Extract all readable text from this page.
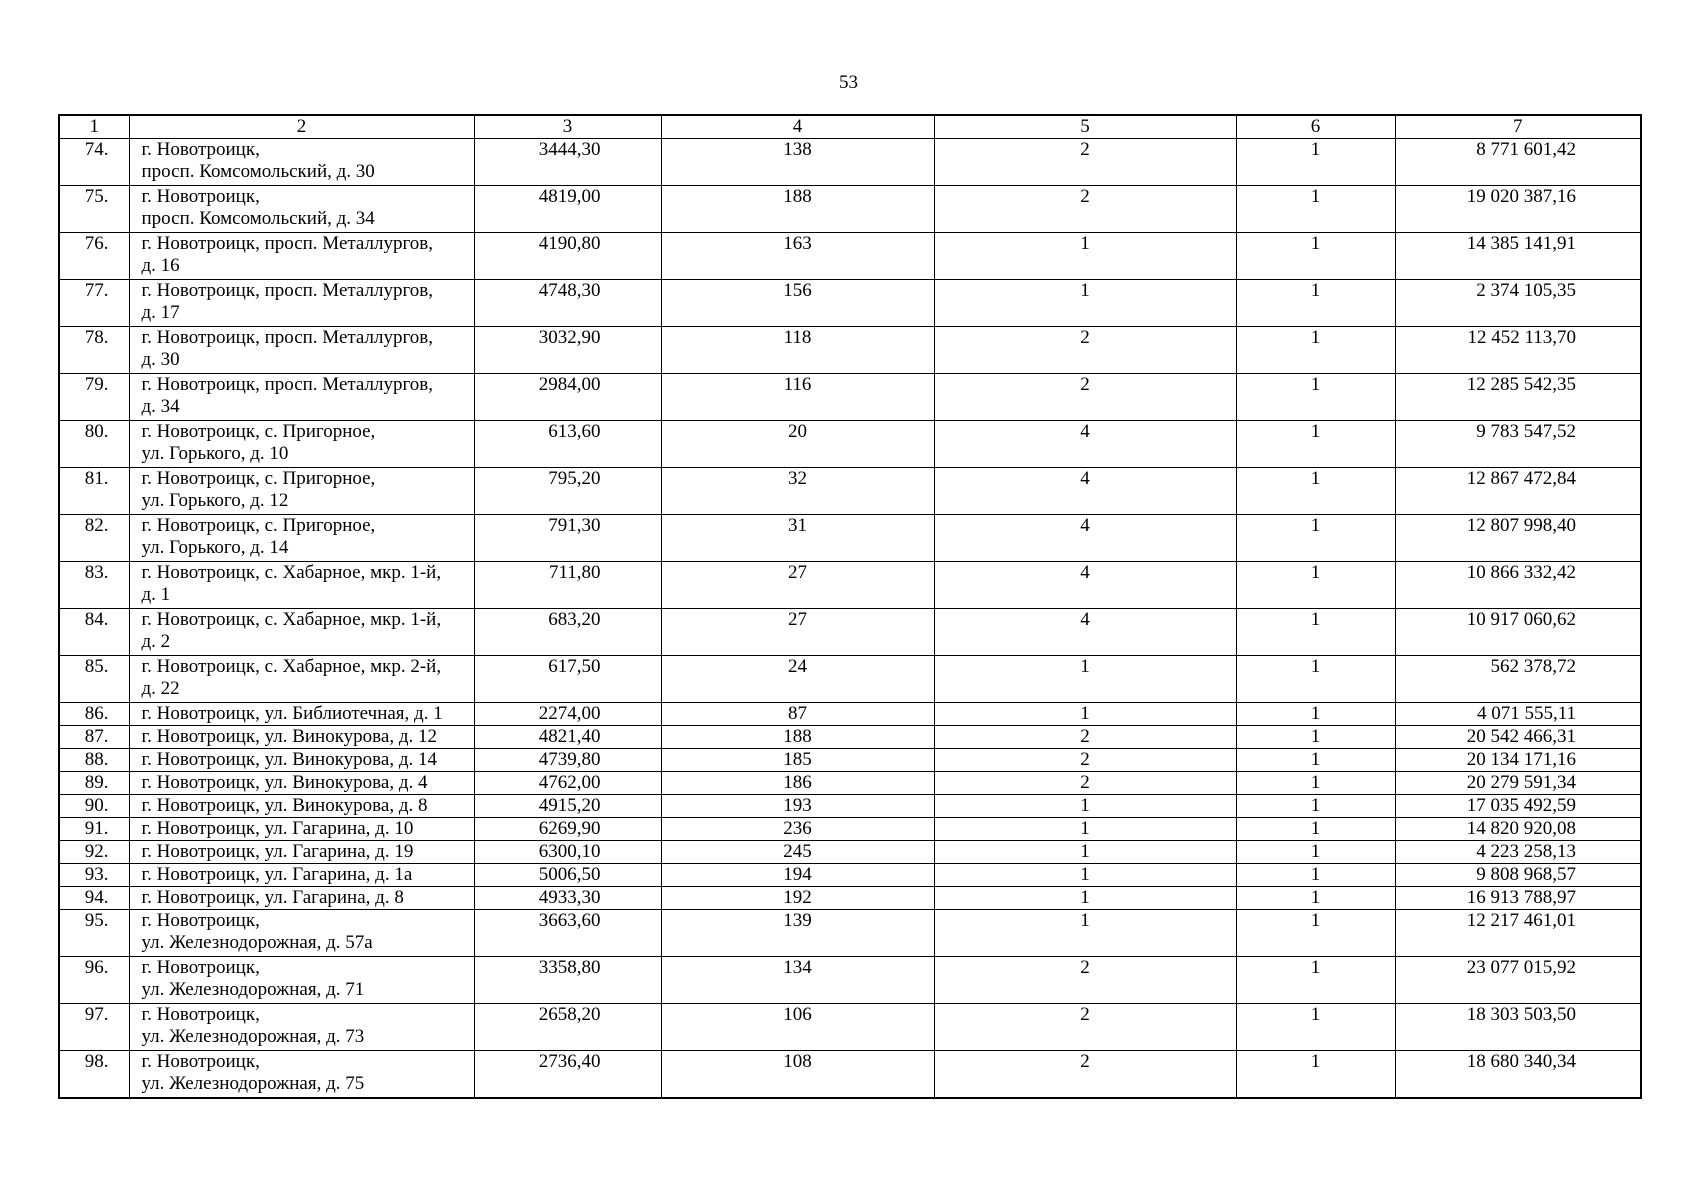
53
1	2	3	4	5	6	7
74.	г. Новотроицк,
просп. Комсомольский, д. 30	3444,30	138	2	1	8 771 601,42
75.	г. Новотроицк,
просп. Комсомольский, д. 34	4819,00	188	2	1	19 020 387,16
76.	г. Новотроицк, просп. Металлургов,
д. 16	4190,80	163	1	1	14 385 141,91
77.	г. Новотроицк, просп. Металлургов,
д. 17	4748,30	156	1	1	2 374 105,35
78.	г. Новотроицк, просп. Металлургов,
д. 30	3032,90	118	2	1	12 452 113,70
79.	г. Новотроицк, просп. Металлургов,
д. 34	2984,00	116	2	1	12 285 542,35
80.	г. Новотроицк, с. Пригорное,
ул. Горького, д. 10	613,60	20	4	1	9 783 547,52
81.	г. Новотроицк, с. Пригорное,
ул. Горького, д. 12	795,20	32	4	1	12 867 472,84
82.	г. Новотроицк, с. Пригорное,
ул. Горького, д. 14	791,30	31	4	1	12 807 998,40
83.	г. Новотроицк, с. Хабарное, мкр. 1-й,
д. 1	711,80	27	4	1	10 866 332,42
84.	г. Новотроицк, с. Хабарное, мкр. 1-й,
д. 2	683,20	27	4	1	10 917 060,62
85.	г. Новотроицк, с. Хабарное, мкр. 2-й,
д. 22	617,50	24	1	1	562 378,72
86.	г. Новотроицк, ул. Библиотечная, д. 1	2274,00	87	1	1	4 071 555,11
87.	г. Новотроицк, ул. Винокурова, д. 12	4821,40	188	2	1	20 542 466,31
88.	г. Новотроицк, ул. Винокурова, д. 14	4739,80	185	2	1	20 134 171,16
89.	г. Новотроицк, ул. Винокурова, д. 4	4762,00	186	2	1	20 279 591,34
90.	г. Новотроицк, ул. Винокурова, д. 8	4915,20	193	1	1	17 035 492,59
91.	г. Новотроицк, ул. Гагарина, д. 10	6269,90	236	1	1	14 820 920,08
92.	г. Новотроицк, ул. Гагарина, д. 19	6300,10	245	1	1	4 223 258,13
93.	г. Новотроицк, ул. Гагарина, д. 1а	5006,50	194	1	1	9 808 968,57
94.	г. Новотроицк, ул. Гагарина, д. 8	4933,30	192	1	1	16 913 788,97
95.	г. Новотроицк,
ул. Железнодорожная, д. 57а	3663,60	139	1	1	12 217 461,01
96.	г. Новотроицк,
ул. Железнодорожная, д. 71	3358,80	134	2	1	23 077 015,92
97.	г. Новотроицк,
ул. Железнодорожная, д. 73	2658,20	106	2	1	18 303 503,50
98.	г. Новотроицк,
ул. Железнодорожная, д. 75	2736,40	108	2	1	18 680 340,34
